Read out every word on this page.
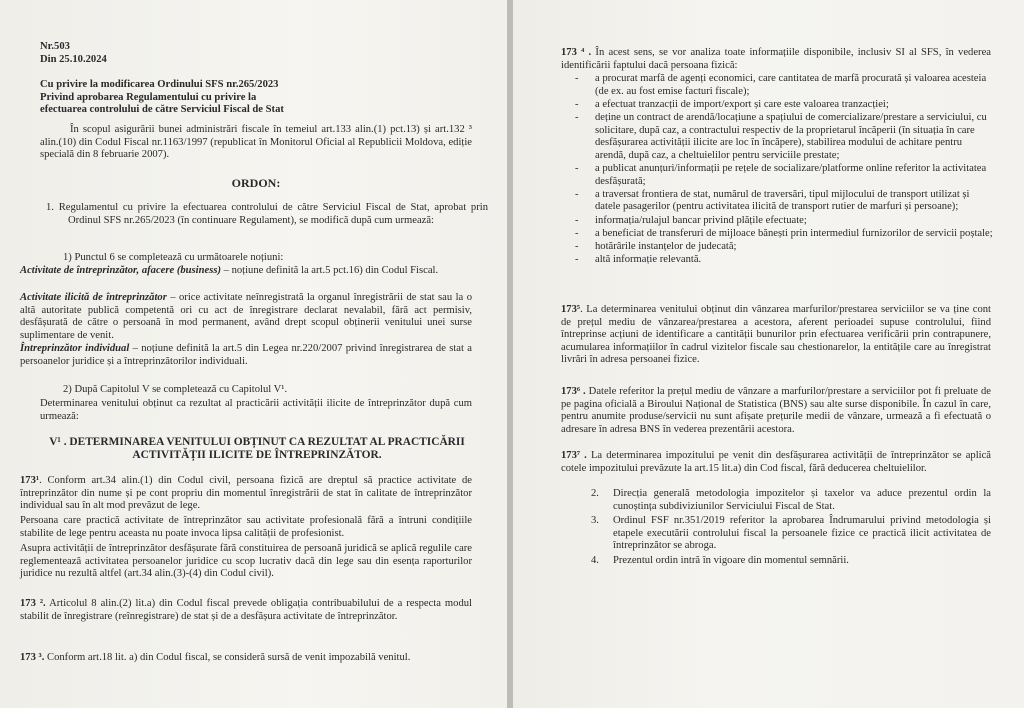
Nr.503
Din 25.10.2024
Cu privire la modificarea Ordinului SFS nr.265/2023
Privind aprobarea Regulamentului cu privire la
efectuarea controlului de către Serviciul Fiscal de Stat

În scopul asigurării bunei administrări fiscale în temeiul art.133 alin.(1) pct.13) și art.132 ³ alin.(10) din Codul Fiscal nr.1163/1997 (republicat în Monitorul Oficial al Republicii Moldova, ediție specială din 8 februarie 2007).

ORDON:

1. Regulamentul cu privire la efectuarea controlului de către Serviciul Fiscal de Stat, aprobat prin Ordinul SFS nr.265/2023 (în continuare Regulament), se modifică după cum urmează:

1) Punctul 6 se completează cu următoarele noțiuni:

Activitate de întreprinzător, afacere (business) – noțiune definită la art.5 pct.16) din Codul Fiscal.

Activitate ilicită de întreprinzător – orice activitate neînregistrată la organul înregistrării de stat sau la o altă autoritate publică competentă ori cu act de înregistrare declarat nevalabil, fără act permisiv, desfășurată de către o persoană în mod permanent, având drept scopul obținerii venitului unei surse suplimentare de venit.

Întreprinzător individual – noțiune definită la art.5 din Legea nr.220/2007 privind înregistrarea de stat a persoanelor juridice și a întreprinzătorilor individuali.

2) După Capitolul V se completează cu Capitolul V¹.

Determinarea venitului obținut ca rezultat al practicării activității ilicite de întreprinzător după cum urmează:

V¹ . DETERMINAREA VENITULUI OBȚINUT CA REZULTAT AL PRACTICĂRII ACTIVITĂȚII ILICITE DE ÎNTREPRINZĂTOR.

173¹. Conform art.34 alin.(1) din Codul civil, persoana fizică are dreptul să practice activitate de întreprinzător din nume și pe cont propriu din momentul înregistrării de stat în calitate de întreprinzător individual sau în alt mod prevăzut de lege.

Persoana care practică activitate de întreprinzător sau activitate profesională fără a întruni condițiile stabilite de lege pentru aceasta nu poate invoca lipsa calității de profesionist.

Asupra activității de întreprinzător desfășurate fără constituirea de persoană juridică se aplică regulile care reglementează activitatea persoanelor juridice cu scop lucrativ dacă din lege sau din esența raporturilor juridice nu rezultă altfel (art.34 alin.(3)-(4) din Codul civil).

173 ². Articolul 8 alin.(2) lit.a) din Codul fiscal prevede obligația contribuabilului de a respecta modul stabilit de înregistrare (reînregistrare) de stat și de a desfășura activitate de întreprinzător.

173 ³. Conform art.18 lit. a) din Codul fiscal, se consideră sursă de venit impozabilă venitul.

173 ⁴ . În acest sens, se vor analiza toate informațiile disponibile, inclusiv SI al SFS, în vederea identificării faptului dacă persoana fizică:

- a procurat marfă de agenți economici, care cantitatea de marfă procurată și valoarea acesteia (de ex. au fost emise facturi fiscale);
- a efectuat tranzacții de import/export și care este valoarea tranzacției;
- deține un contract de arendă/locațiune a spațiului de comercializare/prestare a serviciului, cu solicitare, după caz, a contractului respectiv de la proprietarul încăperii (în situația în care desfășurarea activității ilicite are loc în încăpere), stabilirea modului de achitare pentru arendă, după caz, a cheltuielilor pentru serviciile prestate;
- a publicat anunțuri/informații pe rețele de socializare/platforme online referitor la activitatea desfășurată;
- a traversat frontiera de stat, numărul de traversări, tipul mijlocului de transport utilizat și datele pasagerilor (pentru activitatea ilicită de transport rutier de marfuri și persoane);
- informația/rulajul bancar privind plățile efectuate;
- a beneficiat de transferuri de mijloace bănești prin intermediul furnizorilor de servicii poștale;
- hotărârile instanțelor de judecată;
- altă informație relevantă.

173⁵. La determinarea venitului obținut din vânzarea marfurilor/prestarea serviciilor se va ține cont de prețul mediu de vânzarea/prestarea a acestora, aferent perioadei supuse controlului, fiind întreprinse acțiuni de identificare a cantității bunurilor prin efectuarea verificării prin contrapunere, acumularea informațiilor în cadrul vizitelor fiscale sau chestionarelor, la entitățile care au înregistrat livrări în adresa persoanei fizice.

173⁶ . Datele referitor la prețul mediu de vânzare a marfurilor/prestare a serviciilor pot fi preluate de pe pagina oficială a Biroului Național de Statistica (BNS) sau alte surse disponibile. În cazul în care, pentru anumite produse/servicii nu sunt afișate prețurile medii de vânzare, urmează a fi efectuată o adresare în adresa BNS în vederea prezentării acestora.

173⁷ . La determinarea impozitului pe venit din desfășurarea activității de întreprinzător se aplică cotele impozitului prevăzute la art.15 lit.a) din Cod fiscal, fără deducerea cheltuielilor.

2. Direcția generală metodologia impozitelor și taxelor va aduce prezentul ordin la cunoștința subdiviziunilor Serviciului Fiscal de Stat.
3. Ordinul FSF nr.351/2019 referitor la aprobarea Îndrumarului privind metodologia și etapele executării controlului fiscal la persoanele fizice ce practică ilicit activitatea de întreprinzător se abroga.
4. Prezentul ordin intră în vigoare din momentul semnării.
